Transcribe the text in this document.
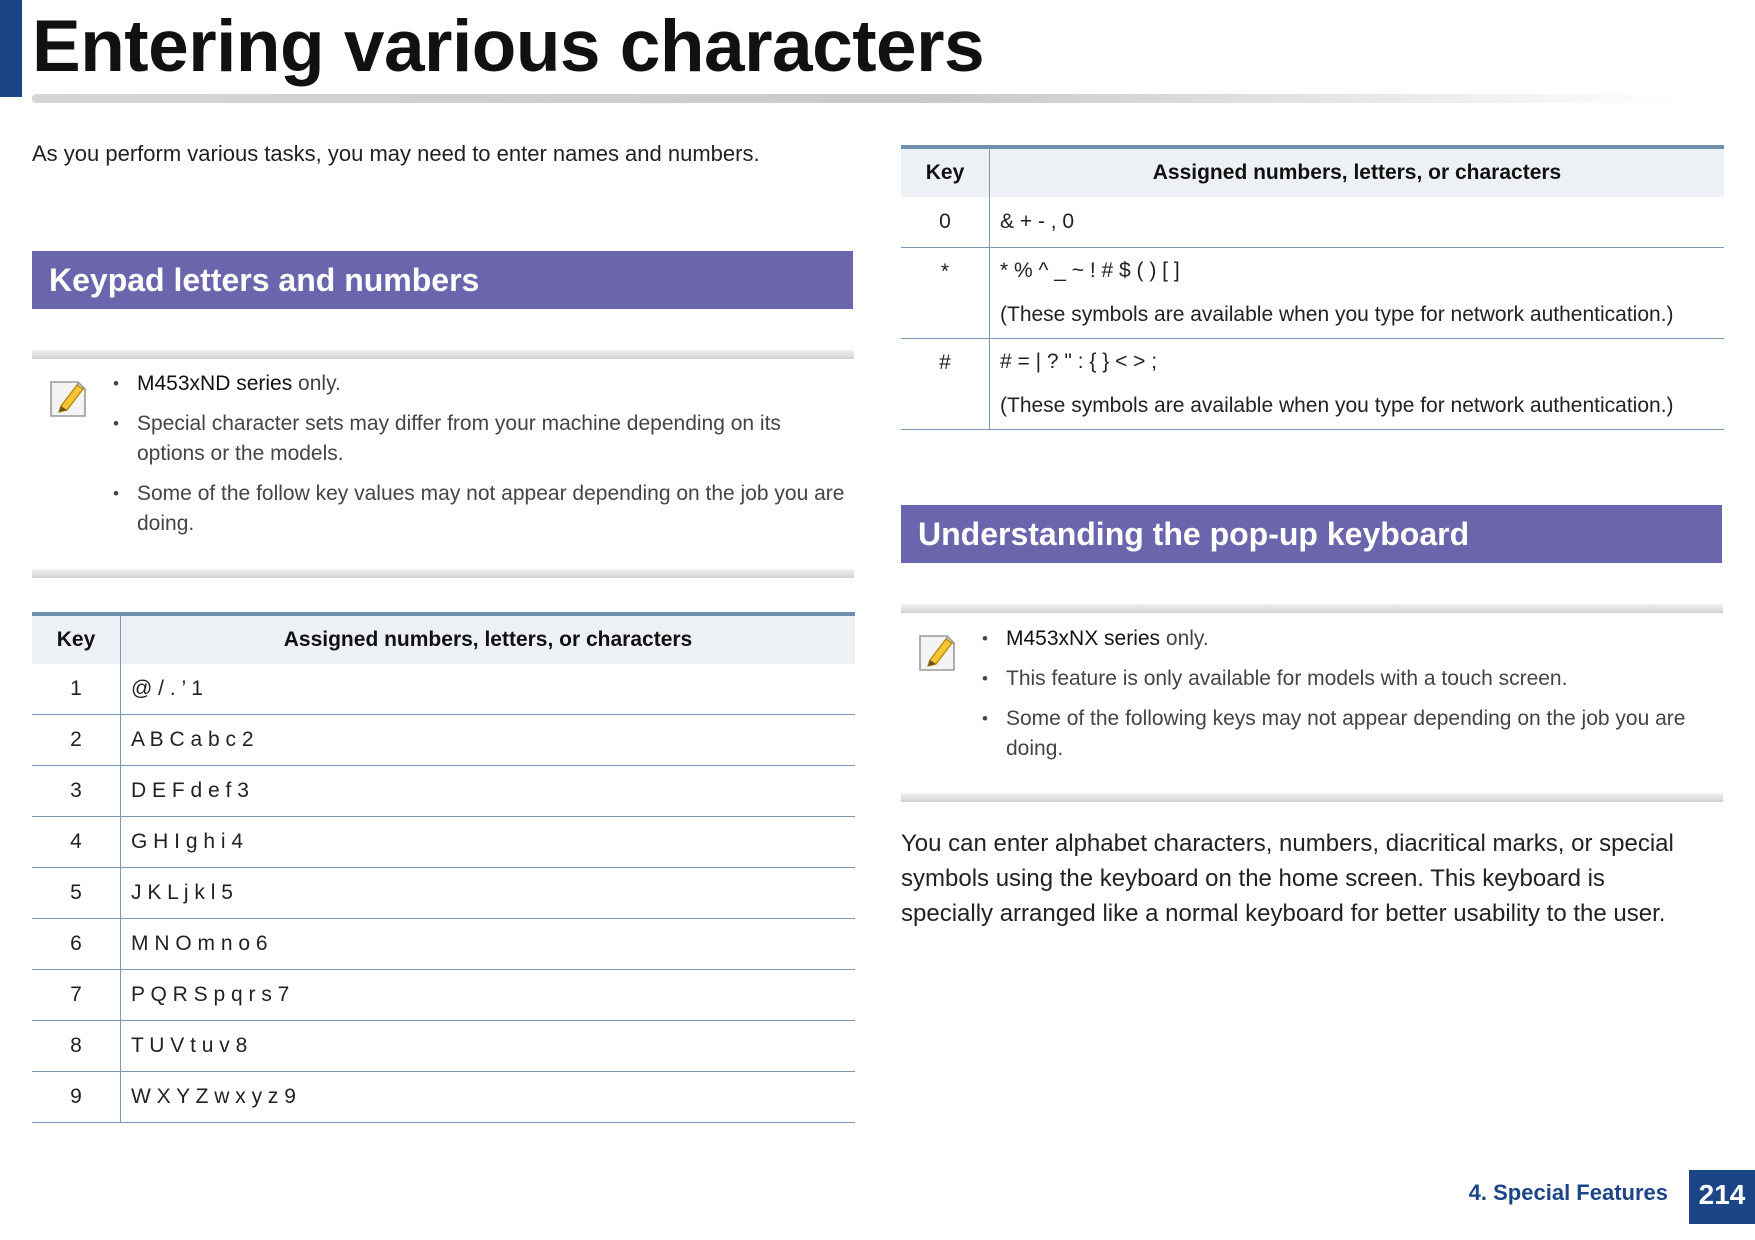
Entering various characters

As you perform various tasks, you may need to enter names and numbers.

Keypad letters and numbers
• M453xND series only.
• Special character sets may differ from your machine depending on its options or the models.
• Some of the follow key values may not appear depending on the job you are doing.
Key	Assigned numbers, letters, or characters
1	@ / . ’ 1
2	A B C a b c 2
3	D E F d e f 3
4	G H I g h i 4
5	J K L j k l 5
6	M N O m n o 6
7	P Q R S p q r s 7
8	T U V t u v 8
9	W X Y Z w x y z 9
Key	Assigned numbers, letters, or characters
0	& + - , 0
*	* % ^ _ ~ ! # $ ( ) [ ]
(These symbols are available when you type for network authentication.)

#	# = | ? " : { } < > ;
(These symbols are available when you type for network authentication.)
Understanding the pop-up keyboard
• M453xNX series only.
• This feature is only available for models with a touch screen.
• Some of the following keys may not appear depending on the job you are doing.

You can enter alphabet characters, numbers, diacritical marks, or special symbols using the keyboard on the home screen. This keyboard is specially arranged like a normal keyboard for better usability to the user.

4. Special Features	214
